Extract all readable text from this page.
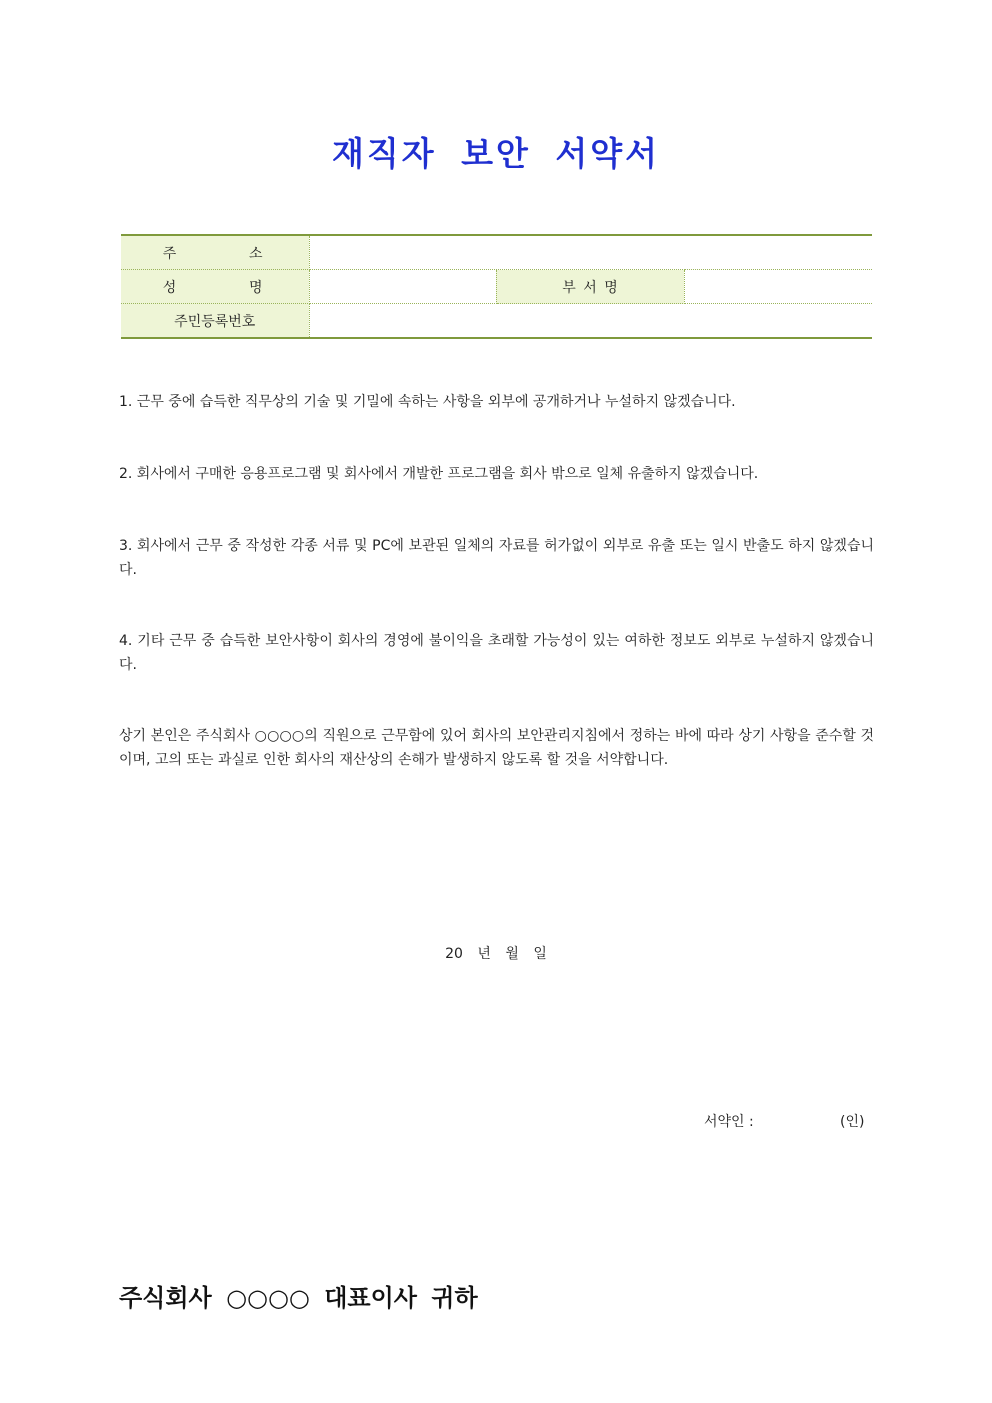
재직자 보안 서약서
주 소			
성 명		부 서 명	
주민등록번호			

1. 근무 중에 습득한 직무상의 기술 및 기밀에 속하는 사항을 외부에 공개하거나 누설하지 않겠습니다.

2. 회사에서 구매한 응용프로그램 및 회사에서 개발한 프로그램을 회사 밖으로 일체 유출하지 않겠습니다.

3. 회사에서 근무 중 작성한 각종 서류 및 PC에 보관된 일체의 자료를 허가없이 외부로 유출 또는 일시 반출도 하지 않겠습니다.

4. 기타 근무 중 습득한 보안사항이 회사의 경영에 불이익을 초래할 가능성이 있는 여하한 정보도 외부로 누설하지 않겠습니다.

상기 본인은 주식회사 ○○○○의 직원으로 근무함에 있어 회사의 보안관리지침에서 정하는 바에 따라 상기 사항을 준수할 것이며, 고의 또는 과실로 인한 회사의 재산상의 손해가 발생하지 않도록 할 것을 서약합니다.

20 년 월 일
서약인 :	(인)
주식회사 ○○○○ 대표이사 귀하
